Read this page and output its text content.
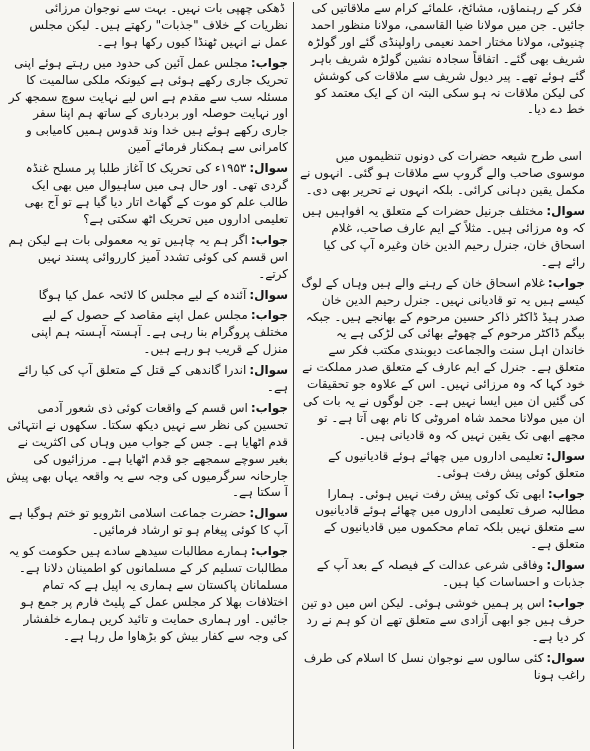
فکر کے رہنماؤں، مشائخ، علمائے کرام سے ملاقاتیں کی جائیں۔ جن میں مولانا ضیا القاسمی، مولانا منظور احمد چنیوٹی، مولانا مختار احمد نعیمی راولپنڈی گئے اور گولڑہ شریف بھی گئے۔ اتفاقاً سجادہ نشین گولڑہ شریف باہر گئے ہوئے تھے۔ پیر دیول شریف سے ملاقات کی کوشش کی لیکن ملاقات نہ ہو سکی البتہ ان کے ایک معتمد کو خط دے دیا۔
اسی طرح شیعہ حضرات کی دونوں تنظیموں میں موسوی صاحب والے گروپ سے ملاقات ہو گئی۔ انہوں نے مکمل یقین دہانی کرائی۔ بلکہ انہوں نے تحریر بھی دی۔
سوال:مختلف جرنیل حضرات کے متعلق یہ افواہیں ہیں کہ وہ مرزائی ہیں۔ مثلاً کے ایم عارف صاحب، غلام اسحاق خان، جنرل رحیم الدین خان وغیرہ آپ کی کیا رائے ہے۔
جواب:غلام اسحاق خان کے رہنے والے ہیں وہاں کے لوگ کیسے ہیں یہ تو قادیانی نہیں۔ جنرل رحیم الدین خان صدر ہیڈ ڈاکٹر ذاکر حسین مرحوم کے بھانجے ہیں۔ جبکہ بیگم ڈاکٹر مرحوم کے چھوٹے بھائی کی لڑکی ہے یہ خاندان اہل سنت والجماعت دیوبندی مکتب فکر سے متعلق ہے۔ جنرل کے ایم عارف کے متعلق صدر مملکت نے خود کہا کہ وہ مرزائی نہیں۔ اس کے علاوہ جو تحقیقات کی گئیں ان میں ایسا نہیں ہے۔ جن لوگوں نے یہ بات کی ان میں مولانا محمد شاہ امروٹی کا نام بھی آتا ہے۔ تو مجھے ابھی تک یقین نہیں کہ وہ قادیانی ہیں۔
سوال:تعلیمی اداروں میں چھائے ہوئے قادیانیوں کے متعلق کوئی پیش رفت ہوئی۔
جواب:ابھی تک کوئی پیش رفت نہیں ہوئی۔ ہمارا مطالبہ صرف تعلیمی اداروں میں چھائے ہوئے قادیانیوں سے متعلق نہیں بلکہ تمام محکموں میں قادیانیوں کے متعلق ہے۔
سوال:وفاقی شرعی عدالت کے فیصلہ کے بعد آپ کے جذبات و احساسات کیا ہیں۔
جواب:اس پر ہمیں خوشی ہوئی۔ لیکن اس میں دو تین حرف ہیں جو ابھی آزادی سے متعلق تھے ان کو ہم نے رد کر دیا ہے۔
سوال:کئی سالوں سے نوجوان نسل کا اسلام کی طرف راغب ہونا
ڈھکی چھپی بات نہیں۔ بہت سے نوجوان مرزائی نظریات کے خلاف "جذبات" رکھتے ہیں۔ لیکن مجلس عمل نے انہیں ٹھنڈا کیوں رکھا ہوا ہے۔
جواب:مجلس عمل آئین کی حدود میں رہتے ہوئے اپنی تحریک جاری رکھے ہوئی ہے کیونکہ ملکی سالمیت کا مسئلہ سب سے مقدم ہے اس لیے نہایت سوچ سمجھ کر اور نہایت حوصلہ اور بردباری کے ساتھ ہم اپنا سفر جاری رکھے ہوئے ہیں خدا وند قدوس ہمیں کامیابی و کامرانی سے ہمکنار فرمائے آمین
سوال:۱۹۵۳ء کی تحریک کا آغاز طلبا پر مسلح غنڈہ گردی تھی۔ اور حال ہی میں ساہیوال میں بھی ایک طالب علم کو موت کے گھاٹ اتار دیا گیا ہے تو آج بھی تعلیمی اداروں میں تحریک اٹھ سکتی ہے؟
جواب:اگر ہم یہ چاہیں تو یہ معمولی بات ہے لیکن ہم اس قسم کی کوئی تشدد آمیز کارروائی پسند نہیں کرتے۔
سوال:آئندہ کے لیے مجلس کا لائحہ عمل کیا ہوگا
جواب:مجلس عمل اپنے مقاصد کے حصول کے لیے مختلف پروگرام بنا رہی ہے۔ آہستہ آہستہ ہم اپنی منزل کے قریب ہو رہے ہیں۔
سوال:اندرا گاندھی کے قتل کے متعلق آپ کی کیا رائے ہے۔
جواب:اس قسم کے واقعات کوئی ذی شعور آدمی تحسین کی نظر سے نہیں دیکھ سکتا۔ سکھوں نے انتہائی قدم اٹھایا ہے۔ جس کے جواب میں وہاں کی اکثریت نے بغیر سوچے سمجھے جو قدم اٹھایا ہے۔ مرزائیوں کی جارحانہ سرگرمیوں کی وجہ سے یہ واقعہ یہاں بھی پیش آ سکتا ہے۔
سوال:حضرت جماعت اسلامی انٹرویو تو ختم ہوگیا ہے آپ کا کوئی پیغام ہو تو ارشاد فرمائیں۔
جواب:ہمارے مطالبات سیدھے سادے ہیں حکومت کو یہ مطالبات تسلیم کر کے مسلمانوں کو اطمینان دلانا ہے۔ مسلمانان پاکستان سے ہماری یہ اپیل ہے کہ تمام اختلافات بھلا کر مجلس عمل کے پلیٹ فارم پر جمع ہو جائیں۔ اور ہماری حمایت و تائید کریں ہمارے خلفشار کی وجہ سے کفار بیش کو بڑھاوا مل رہا ہے۔
